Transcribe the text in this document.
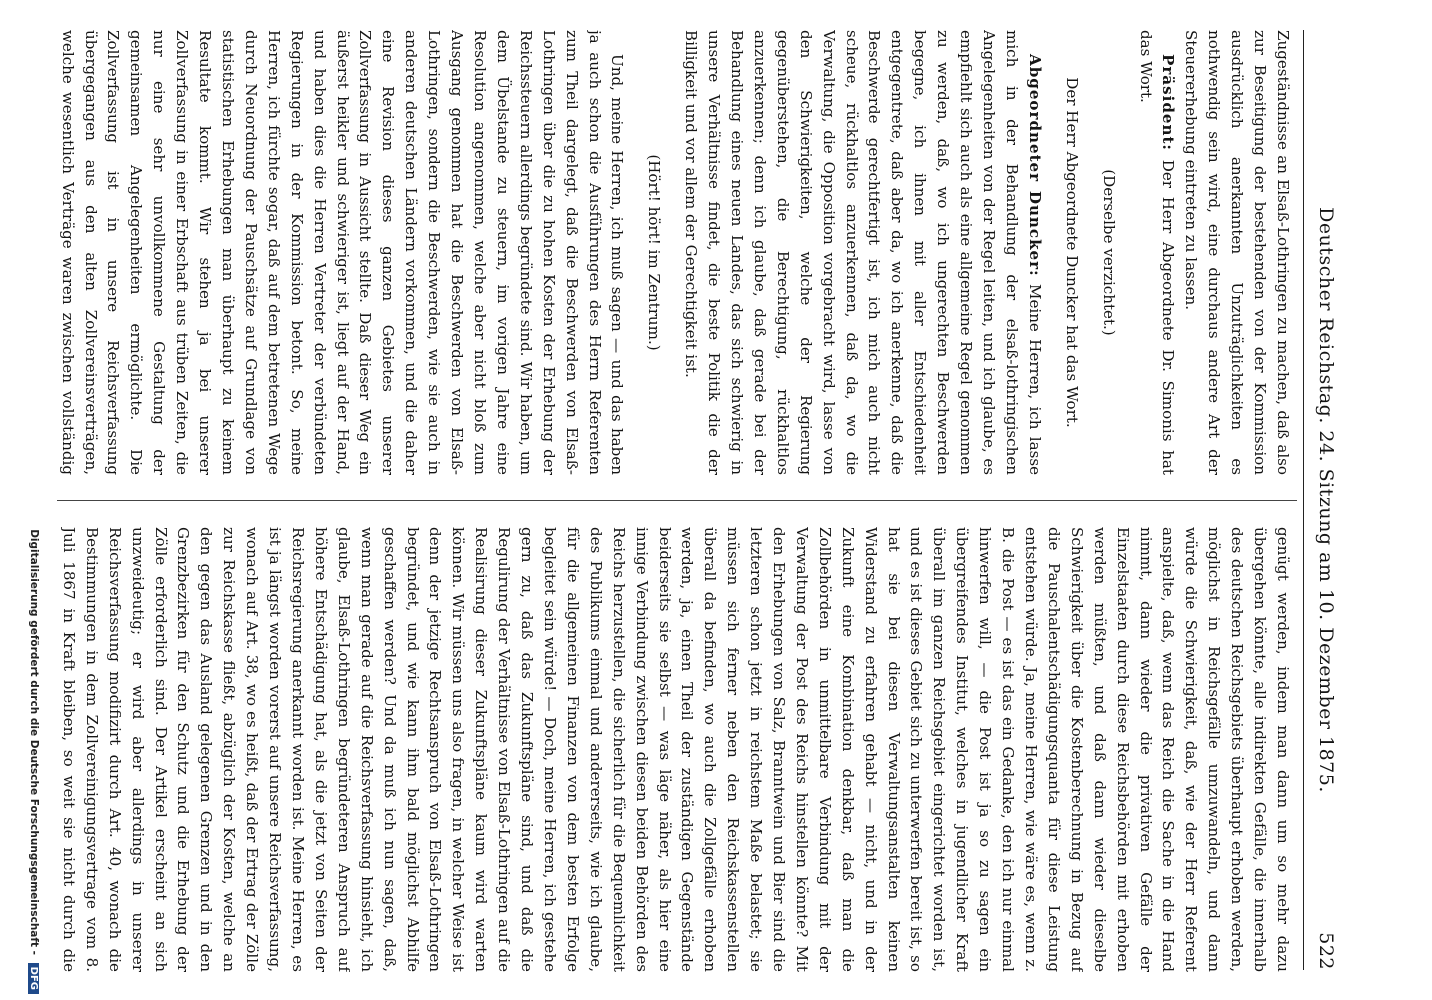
522
Deutscher Reichstag. 24. Sitzung am 10. Dezember 1875.

Zugeständnisse an Elsaß-Lothringen zu machen, daß also zur Beseitigung der bestehenden von der Kommission ausdrücklich anerkannten Unzuträglichkeiten es nothwendig sein wird, eine durchaus andere Art der Steuererhebung eintreten zu lassen.

Präsident: Der Herr Abgeordnete Dr. Simonis hat das Wort.

(Derselbe verzichtet.)

Der Herr Abgeordnete Duncker hat das Wort.

Abgeordneter Duncker: Meine Herren, ich lasse mich in der Behandlung der elsaß-lothringischen Angelegenheiten von der Regel leiten, und ich glaube, es empfiehlt sich auch als eine allgemeine Regel genommen zu werden, daß, wo ich ungerechten Beschwerden begegne, ich ihnen mit aller Entschiedenheit entgegentrete, daß aber da, wo ich anerkenne, daß die Beschwerde gerechtfertigt ist, ich mich auch nicht scheue, rückhaltlos anzuerkennen, daß da, wo die Verwaltung, die Opposition vorgebracht wird, lasse von den Schwierigkeiten, welche der Regierung gegenüberstehen, die Berechtigung, rückhaltlos anzuerkennen; denn ich glaube, daß gerade bei der Behandlung eines neuen Landes, das sich schwierig in unsere Verhältnisse findet, die beste Politik die der Billigkeit und vor allem der Gerechtigkeit ist.

(Hört! hört! im Zentrum.)

Und, meine Herren, ich muß sagen — und das haben ja auch schon die Ausführungen des Herrn Referenten zum Theil dargelegt, daß die Beschwerden von Elsaß-Lothringen über die zu hohen Kosten der Erhebung der Reichssteuern allerdings begründete sind. Wir haben, um dem Übelstande zu steuern, im vorigen Jahre eine Resolution angenommen, welche aber nicht bloß zum Ausgang genommen hat die Beschwerden von Elsaß-Lothringen, sondern die Beschwerden, wie sie auch in anderen deutschen Ländern vorkommen, und die daher eine Revision dieses ganzen Gebietes unserer Zollverfassung in Aussicht stellte. Daß dieser Weg ein äußerst heikler und schwieriger ist, liegt auf der Hand, und haben dies die Herren Vertreter der verbündeten Regierungen in der Kommission betont. So, meine Herren, ich fürchte sogar, daß auf dem betretenen Wege durch Neuordnung der Pauschsätze auf Grundlage von statistischen Erhebungen man überhaupt zu keinem Resultate kommt. Wir stehen ja bei unserer Zollverfassung in einer Erbschaft aus trüben Zeiten, die nur eine sehr unvollkommene Gestaltung der gemeinsamen Angelegenheiten ermöglichte. Die Zollverfassung ist in unsere Reichsverfassung übergegangen aus den alten Zollvereinsverträgen, welche wesentlich Verträge waren zwischen vollständig

genügt werden, indem man dann um so mehr dazu übergehen könnte, alle indirekten Gefälle, die innerhalb des deutschen Reichsgebiets überhaupt erhoben werden, möglichst in Reichsgefälle umzuwandeln, und dann würde die Schwierigkeit, daß, wie der Herr Referent anspielte, daß, wenn das Reich die Sache in die Hand nimmt, dann wieder die privativen Gefälle der Einzelstaaten durch diese Reichsbehörden mit erhoben werden müßten, und daß dann wieder dieselbe Schwierigkeit über die Kostenberechnung in Bezug auf die Pauschalentschädigungsquanta für diese Leistung entstehen würde. Ja, meine Herren, wie wäre es, wenn z. B. die Post — es ist das ein Gedanke, den ich nur einmal hinwerfen will, — die Post ist ja so zu sagen ein übergreifendes Institut, welches in jugendlicher Kraft überall im ganzen Reichsgebiet eingerichtet worden ist, und es ist dieses Gebiet sich zu unterwerfen bereit ist, so hat sie bei diesen Verwaltungsanstalten keinen Widerstand zu erfahren gehabt — nicht, und in der Zukunft eine Kombination denkbar, daß man die Zollbehörden in unmittelbare Verbindung mit der Verwaltung der Post des Reichs hinstellen könnte? Mit den Erhebungen von Salz, Branntwein und Bier sind die letzteren schon jetzt in reichstem Maße belastet; sie müssen sich ferner neben den Reichskassenstellen überall da befinden, wo auch die Zollgefälle erhoben werden, ja, einen Theil der zuständigen Gegenstände beiderseits sie selbst — was läge näher, als hier eine innige Verbindung zwischen diesen beiden Behörden des Reichs herzustellen, die sicherlich für die Bequemlichkeit des Publikums einmal und andererseits, wie ich glaube, für die allgemeinen Finanzen von dem besten Erfolge begleitet sein würde! — Doch, meine Herren, ich gestehe gern zu, daß das Zukunftspläne sind, und daß die Regulirung der Verhältnisse von Elsaß-Lothringen auf die Realisirung dieser Zukunftspläne kaum wird warten können. Wir müssen uns also fragen, in welcher Weise ist denn der jetzige Rechtsanspruch von Elsaß-Lothringen begründet, und wie kann ihm bald möglichst Abhilfe geschaffen werden? Und da muß ich nun sagen, daß, wenn man gerade auf die Reichsverfassung hinsieht, ich glaube, Elsaß-Lothringen begründeteren Anspruch auf höhere Entschädigung hat, als die jetzt von Seiten der Reichsregierung anerkannt worden ist. Meine Herren, es ist ja längst worden vorerst auf unsere Reichsverfassung, wonach auf Art. 38, wo es heißt, daß der Ertrag der Zölle zur Reichskasse fließt, abzüglich der Kosten, welche an den gegen das Ausland gelegenen Grenzen und in den Grenzbezirken für den Schutz und die Erhebung der Zölle erforderlich sind. Der Artikel erscheint an sich unzweideutig; er wird aber allerdings in unserer Reichsverfassung modifizirt durch Art. 40, wonach die Bestimmungen in dem Zollvereinigungsvertrage vom 8. Juli 1867 in Kraft bleiben, so weit sie nicht durch die

Digitalisierung gefördert durch die Deutsche Forschungsgemeinschaft - DFG
